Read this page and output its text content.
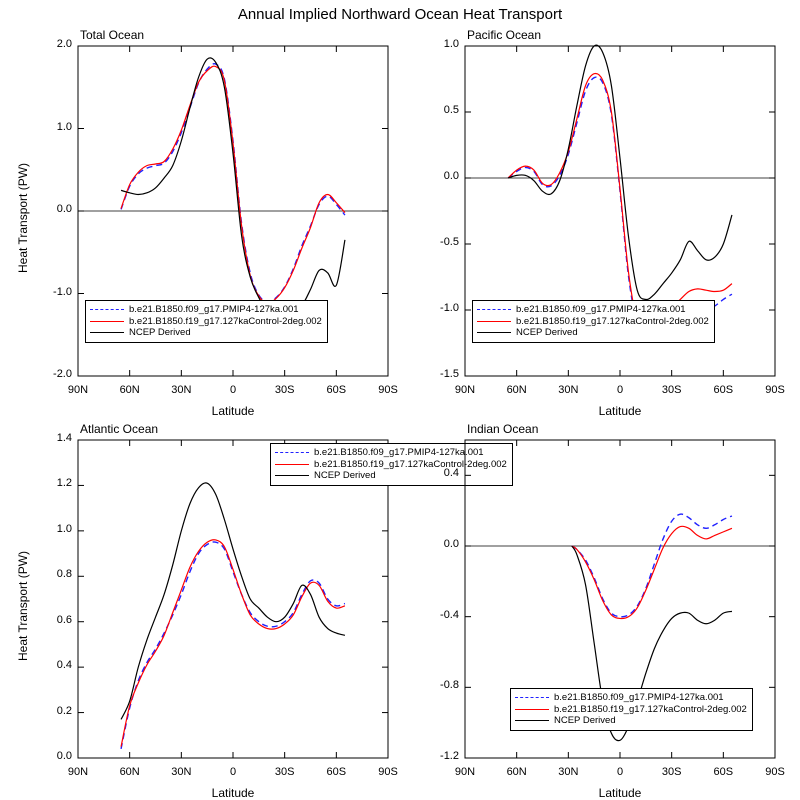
Annual Implied Northward Ocean Heat Transport
Total Ocean
90N	60N	30N	0	30S	60S	90S
-2.0
-1.0
0.0
1.0
2.0
Latitude
Heat Transport (PW)
b.e21.B1850.f09_g17.PMIP4-127ka.001
b.e21.B1850.f19_g17.127kaControl-2deg.002
NCEP Derived
Pacific Ocean
90N	60N	30N	0	30S	60S	90S
-1.5
-1.0
-0.5
0.0
0.5
1.0
Latitude
b.e21.B1850.f09_g17.PMIP4-127ka.001
b.e21.B1850.f19_g17.127kaControl-2deg.002
NCEP Derived
Atlantic Ocean
90N	60N	30N	0	30S	60S	90S
0.0
0.2
0.4
0.6
0.8
1.0
1.2
1.4
Latitude
Heat Transport (PW)
b.e21.B1850.f09_g17.PMIP4-127ka.001
b.e21.B1850.f19_g17.127kaControl-2deg.002
NCEP Derived
Indian Ocean
90N	60N	30N	0	30S	60S	90S
-1.2
-0.8
-0.4
0.0
0.4
Latitude
b.e21.B1850.f09_g17.PMIP4-127ka.001
b.e21.B1850.f19_g17.127kaControl-2deg.002
NCEP Derived
